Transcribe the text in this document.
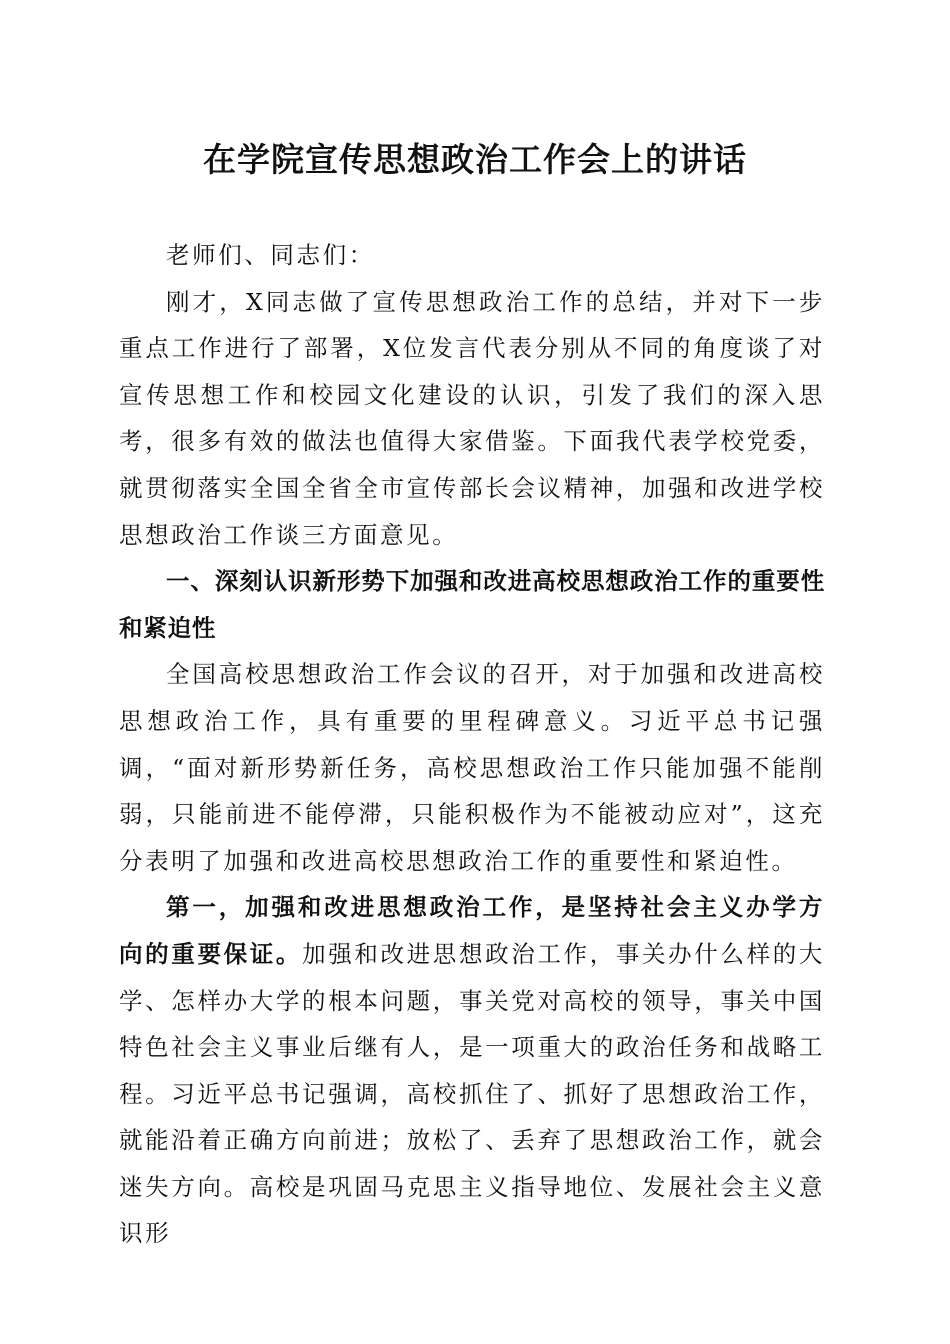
在学院宣传思想政治工作会上的讲话

老师们、同志们：

刚才，X同志做了宣传思想政治工作的总结，并对下一步重点工作进行了部署，X位发言代表分别从不同的角度谈了对宣传思想工作和校园文化建设的认识，引发了我们的深入思考，很多有效的做法也值得大家借鉴。下面我代表学校党委，就贯彻落实全国全省全市宣传部长会议精神，加强和改进学校思想政治工作谈三方面意见。

一、深刻认识新形势下加强和改进高校思想政治工作的重要性和紧迫性

全国高校思想政治工作会议的召开，对于加强和改进高校思想政治工作，具有重要的里程碑意义。习近平总书记强调，“面对新形势新任务，高校思想政治工作只能加强不能削弱，只能前进不能停滞，只能积极作为不能被动应对”，这充分表明了加强和改进高校思想政治工作的重要性和紧迫性。

第一，加强和改进思想政治工作，是坚持社会主义办学方向的重要保证。加强和改进思想政治工作，事关办什么样的大学、怎样办大学的根本问题，事关党对高校的领导，事关中国特色社会主义事业后继有人，是一项重大的政治任务和战略工程。习近平总书记强调，高校抓住了、抓好了思想政治工作，就能沿着正确方向前进；放松了、丢弃了思想政治工作，就会迷失方向。高校是巩固马克思主义指导地位、发展社会主义意识形
